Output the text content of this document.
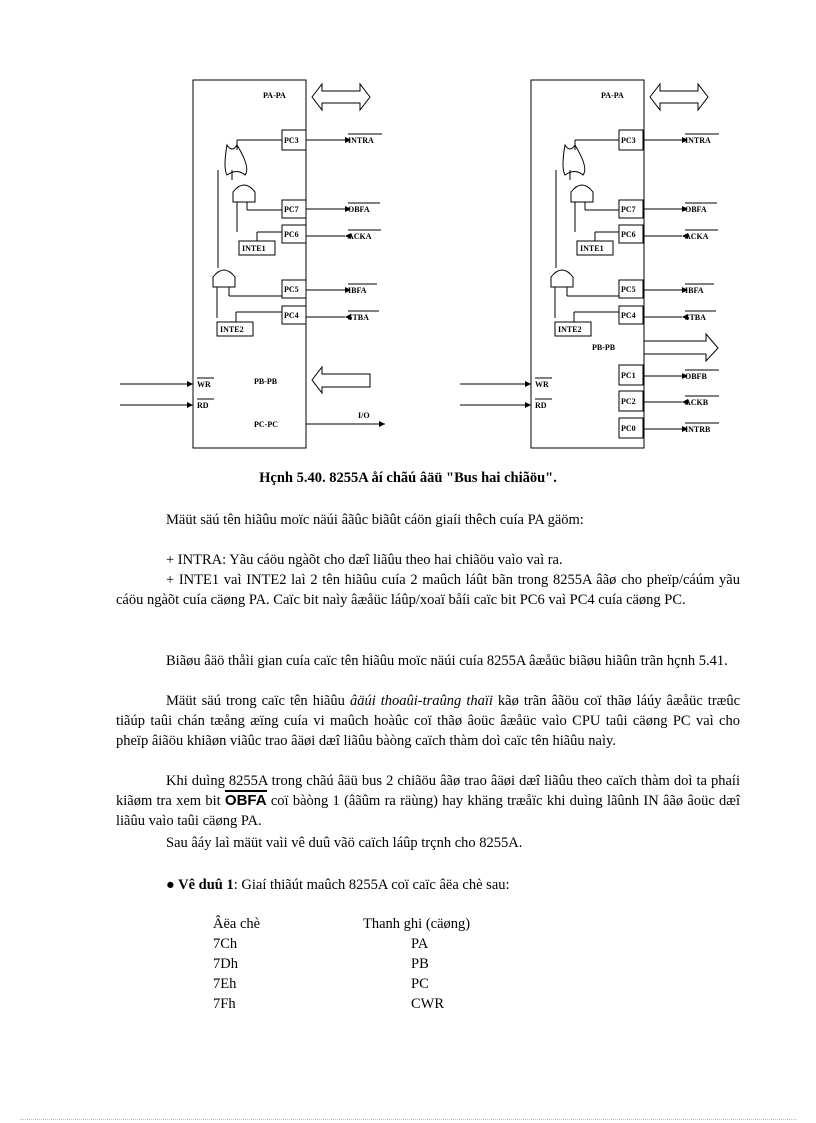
PA-PA
PC3	INTRA
PC7	OBFA
PC6	ACKA
INTE1
PC5	IBFA
PC4	STBA
INTE2
WR
RD
PB-PB
PC-PC
I/O
PA-PA
PC3	INTRA
PC7	OBFA
PC6	ACKA
INTE1
PC5	IBFA
PC4	STBA
INTE2
PB-PB
WR
RD
PC1	OBFB
PC2	ACKB
PC0	INTRB
Hçnh 5.40. 8255A åí chãú âäü "Bus hai chiãöu".

Mäüt säú tên hiãûu moïc näúi âãûc biãût cáön giaíi thêch cuía PA gäöm:

+ INTRA: Yãu cáöu ngàõt cho dæî liãûu theo hai chiãöu vaìo vaì ra.

+ INTE1 vaì INTE2 laì 2 tên hiãûu cuía 2 maûch láût bãn trong 8255A âãø cho pheïp/cáúm yãu cáöu ngàõt cuía cäøng PA. Caïc bit naìy âæåüc láûp/xoaï båíi caïc bit PC6 vaì PC4 cuía cäøng PC.

Biãøu âäö thåìi gian cuía caïc tên hiãûu moïc näúi cuía 8255A âæåüc biãøu hiãûn trãn hçnh 5.41.

Mäüt säú trong caïc tên hiãûu âäúi thoaûi-traûng thaïi kãø trãn âãöu coï thãø láúy âæåüc træûc tiãúp taûi chán tæång æïng cuía vi maûch hoàûc coï thãø âoüc âæåüc vaìo CPU taûi cäøng PC vaì cho pheïp âiãöu khiãøn viãûc trao âäøi dæî liãûu bàòng caïch thàm doì caïc tên hiãûu naìy.

Khi duìng 8255A trong chãú âäü bus 2 chiãöu âãø trao âäøi dæî liãûu theo caïch thàm doì ta phaíi kiãøm tra xem bit OBFA coï bàòng 1 (âãûm ra räùng) hay khäng træåïc khi duìng lãûnh IN âãø âoüc dæî liãûu vaìo taûi cäøng PA.

Sau âáy laì mäüt vaìi vê duû vãö caïch láûp trçnh cho 8255A.

● Vê duû 1: Giaí thiãút maûch 8255A coï caïc âëa chè sau:

Âëa chè	Thanh ghi (cäøng)
7Ch	PA
7Dh	PB
7Eh	PC
7Fh	CWR
